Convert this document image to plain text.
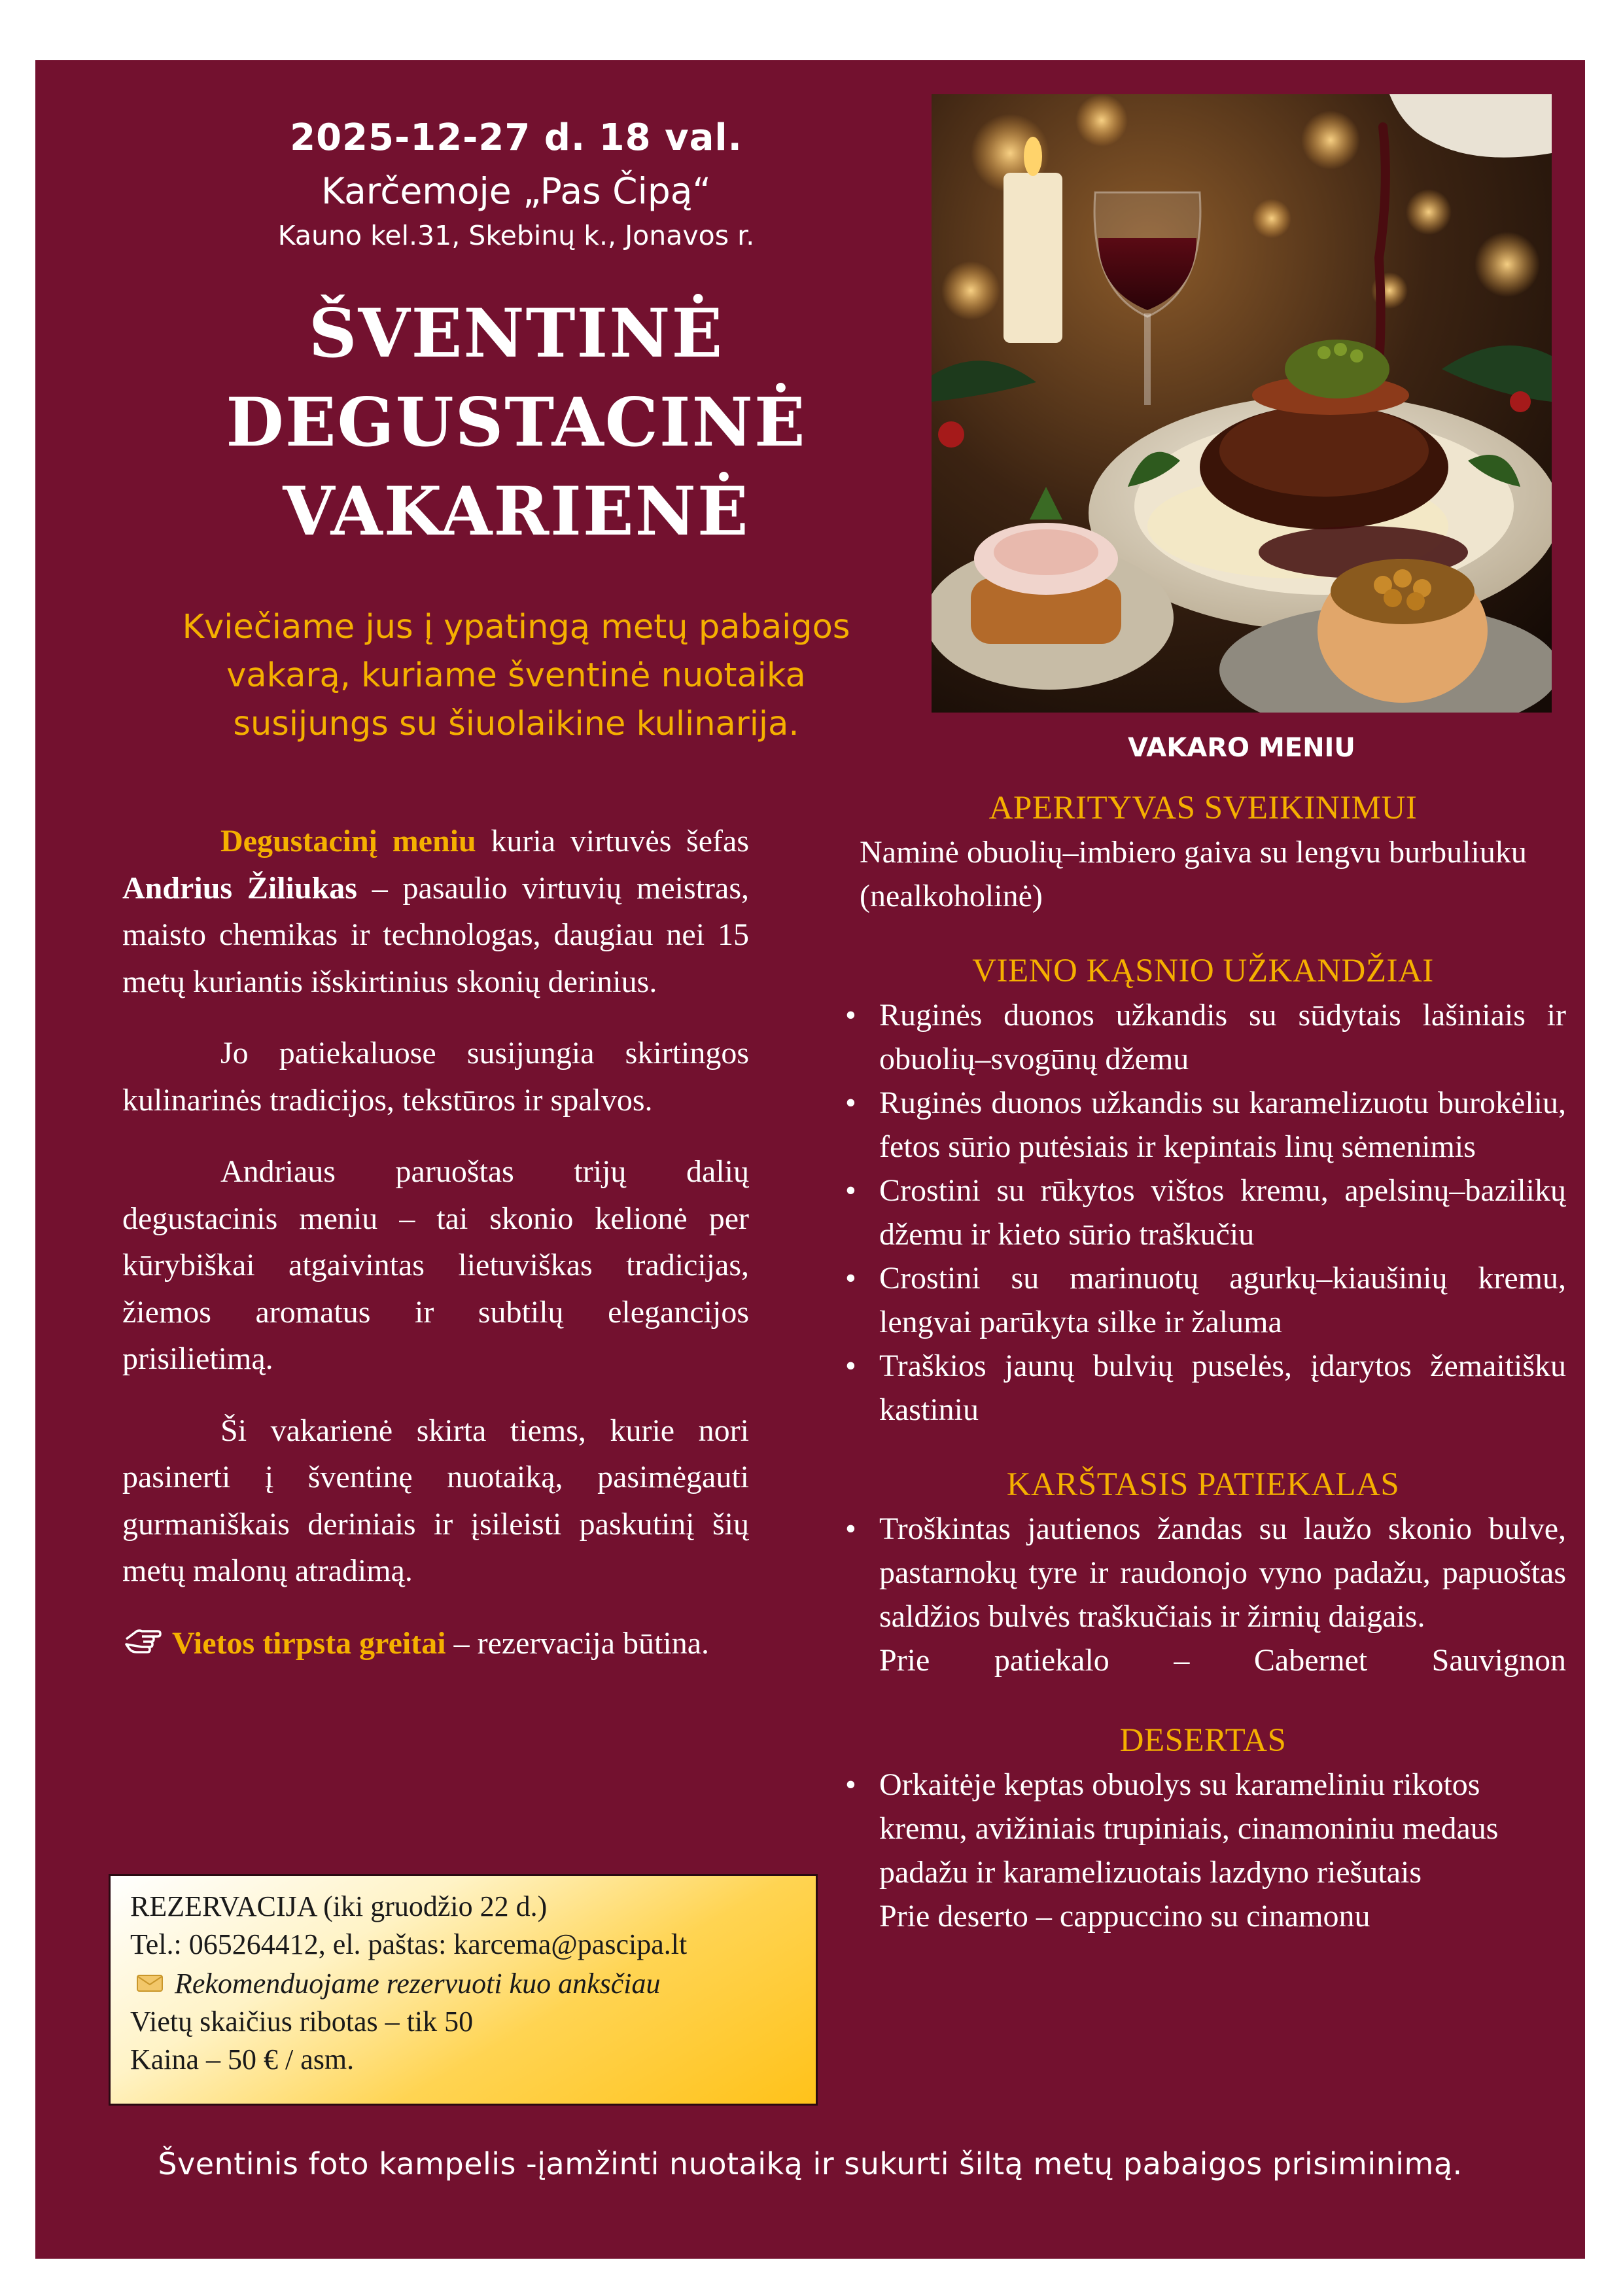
2025-12-27 d. 18 val.
Karčemoje „Pas Čipą“
Kauno kel.31, Skebinų k., Jonavos r.
ŠVENTINĖ
DEGUSTACINĖ
VAKARIENĖ
Kviečiame jus į ypatingą metų pabaigos
vakarą, kuriame šventinė nuotaika
susijungs su šiuolaikine kulinarija.
VAKARO MENIU

Degustacinį meniu kuria virtuvės šefas Andrius Žiliukas – pasaulio virtuvių meistras, maisto chemikas ir technologas, daugiau nei 15 metų kuriantis išskirtinius skonių derinius.

Jo patiekaluose susijungia skirtingos kulinarinės tradicijos, tekstūros ir spalvos.

Andriaus paruoštas trijų dalių degustacinis meniu – tai skonio kelionė per kūrybiškai atgaivintas lietuviškas tradicijas, žiemos aromatus ir subtilų elegancijos prisilietimą.

Ši vakarienė skirta tiems, kurie nori pasinerti į šventinę nuotaiką, pasimėgauti gurmaniškais deriniais ir įsileisti paskutinį šių metų malonų atradimą.

Vietos tirpsta greitai – rezervacija būtina.

REZERVACIJA (iki gruodžio 22 d.)
Tel.: 065264412, el. paštas: karcema@pascipa.lt
Rekomenduojame rezervuoti kuo anksčiau
Vietų skaičius ribotas – tik 50
Kaina – 50 € / asm.

APERITYVAS SVEIKINIMUI

Naminė obuolių–imbiero gaiva su lengvu burbuliuku (nealkoholinė)

VIENO KĄSNIO UŽKANDŽIAI

• Ruginės duonos užkandis su sūdytais lašiniais ir obuolių–svogūnų džemu
• Ruginės duonos užkandis su karamelizuotu burokėliu, fetos sūrio putėsiais ir kepintais linų sėmenimis
• Crostini su rūkytos vištos kremu, apelsinų–bazilikų džemu ir kieto sūrio traškučiu
• Crostini su marinuotų agurkų–kiaušinių kremu, lengvai parūkyta silke ir žaluma
• Traškios jaunų bulvių puselės, įdarytos žemaitišku kastiniu

KARŠTASIS PATIEKALAS

• Troškintas jautienos žandas su laužo skonio bulve, pastarnokų tyre ir raudonojo vyno padažu, papuoštas saldžios bulvės traškučiais ir žirnių daigais.
Prie patiekalo – Cabernet Sauvignon

DESERTAS

• Orkaitėje keptas obuolys su karameliniu rikotos kremu, avižiniais trupiniais, cinamoniniu medaus padažu ir karamelizuotais lazdyno riešutais
Prie deserto – cappuccino su cinamonu
Šventinis foto kampelis -įamžinti nuotaiką ir sukurti šiltą metų pabaigos prisiminimą.
